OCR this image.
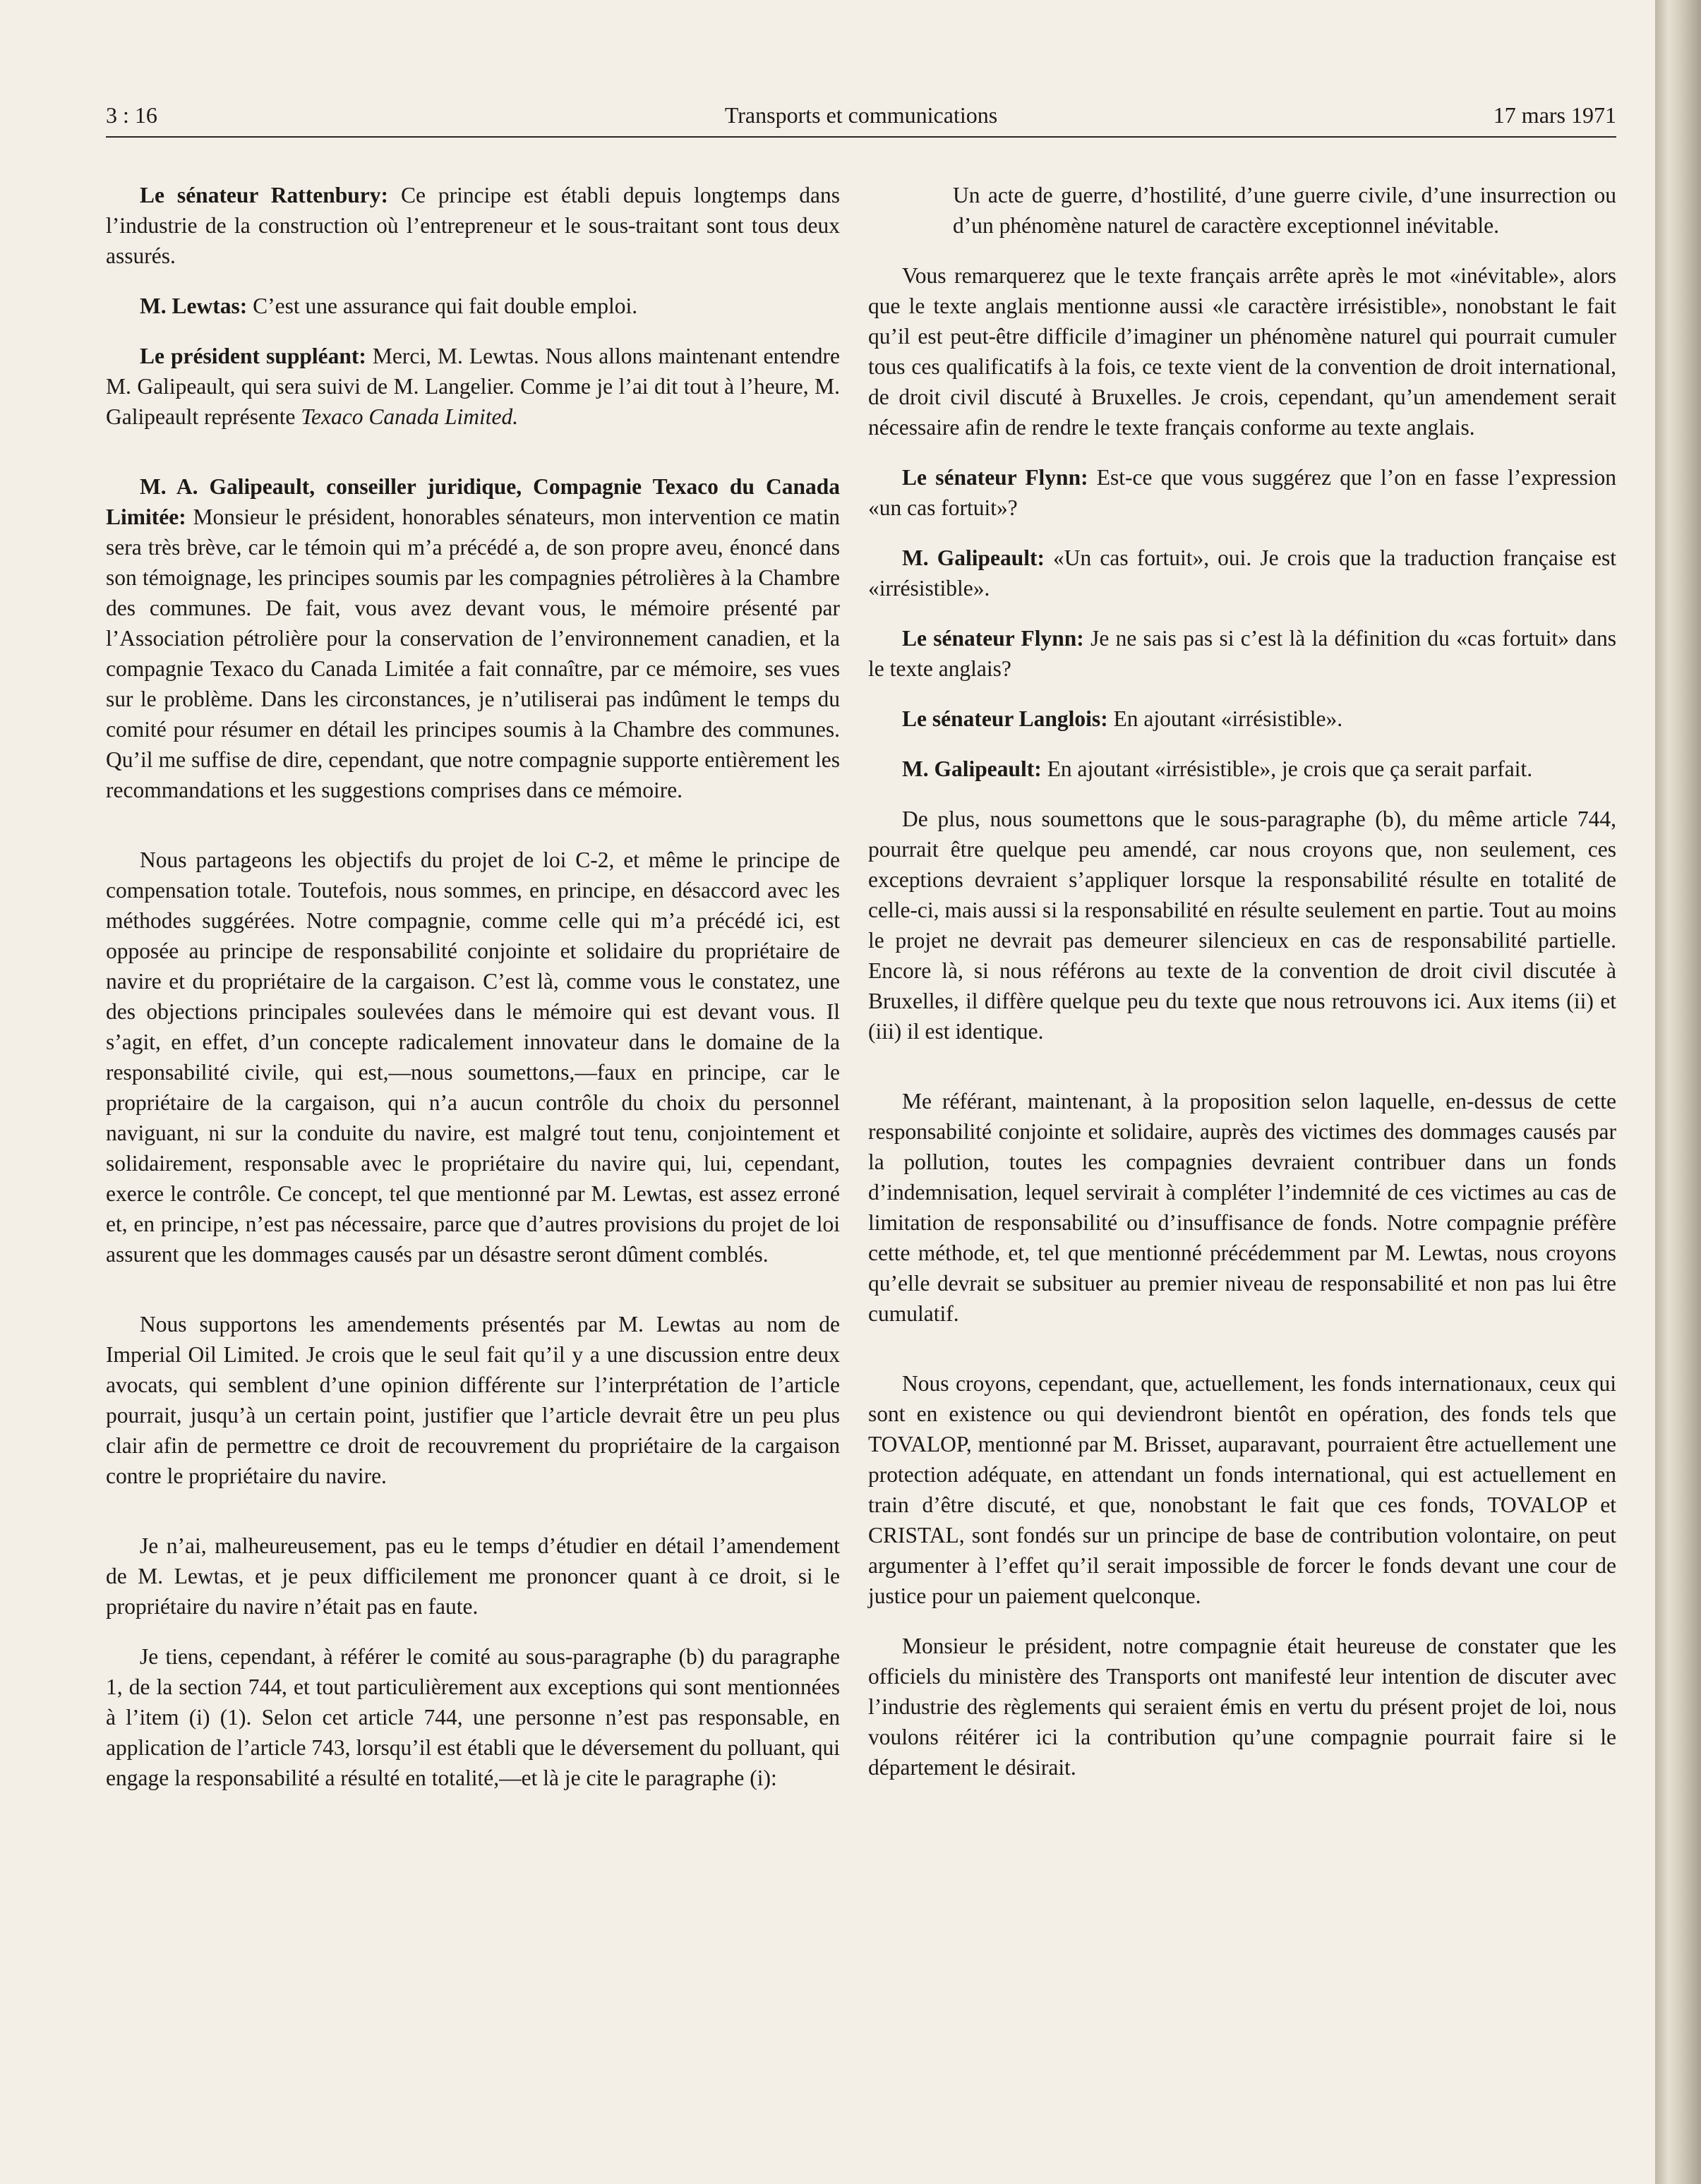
3 : 16	Transports et communications	17 mars 1971

Le sénateur Rattenbury: Ce principe est établi depuis longtemps dans l’industrie de la construction où l’entrepreneur et le sous-traitant sont tous deux assurés.

M. Lewtas: C’est une assurance qui fait double emploi.

Le président suppléant: Merci, M. Lewtas. Nous allons maintenant entendre M. Galipeault, qui sera suivi de M. Langelier. Comme je l’ai dit tout à l’heure, M. Galipeault représente Texaco Canada Limited.

M. A. Galipeault, conseiller juridique, Compagnie Texaco du Canada Limitée: Monsieur le président, honorables sénateurs, mon intervention ce matin sera très brève, car le témoin qui m’a précédé a, de son propre aveu, énoncé dans son témoignage, les principes soumis par les compagnies pétrolières à la Chambre des communes. De fait, vous avez devant vous, le mémoire présenté par l’Association pétrolière pour la conservation de l’environnement canadien, et la compagnie Texaco du Canada Limitée a fait connaître, par ce mémoire, ses vues sur le problème. Dans les circonstances, je n’utiliserai pas indûment le temps du comité pour résumer en détail les principes soumis à la Chambre des communes. Qu’il me suffise de dire, cependant, que notre compagnie supporte entièrement les recommandations et les suggestions comprises dans ce mémoire.

Nous partageons les objectifs du projet de loi C-2, et même le principe de compensation totale. Toutefois, nous sommes, en principe, en désaccord avec les méthodes suggérées. Notre compagnie, comme celle qui m’a précédé ici, est opposée au principe de responsabilité conjointe et solidaire du propriétaire de navire et du propriétaire de la cargaison. C’est là, comme vous le constatez, une des objections principales soulevées dans le mémoire qui est devant vous. Il s’agit, en effet, d’un concepte radicalement innovateur dans le domaine de la responsabilité civile, qui est,—nous soumettons,—faux en principe, car le propriétaire de la cargaison, qui n’a aucun contrôle du choix du personnel naviguant, ni sur la conduite du navire, est malgré tout tenu, conjointement et solidairement, responsable avec le propriétaire du navire qui, lui, cependant, exerce le contrôle. Ce concept, tel que mentionné par M. Lewtas, est assez erroné et, en principe, n’est pas nécessaire, parce que d’autres provisions du projet de loi assurent que les dommages causés par un désastre seront dûment comblés.

Nous supportons les amendements présentés par M. Lewtas au nom de Imperial Oil Limited. Je crois que le seul fait qu’il y a une discussion entre deux avocats, qui semblent d’une opinion différente sur l’interprétation de l’article pourrait, jusqu’à un certain point, justifier que l’article devrait être un peu plus clair afin de permettre ce droit de recouvrement du propriétaire de la cargaison contre le propriétaire du navire.

Je n’ai, malheureusement, pas eu le temps d’étudier en détail l’amendement de M. Lewtas, et je peux difficilement me prononcer quant à ce droit, si le propriétaire du navire n’était pas en faute.

Je tiens, cependant, à référer le comité au sous-paragraphe (b) du paragraphe 1, de la section 744, et tout particulièrement aux exceptions qui sont mentionnées à l’item (i) (1). Selon cet article 744, une personne n’est pas responsable, en application de l’article 743, lorsqu’il est établi que le déversement du polluant, qui engage la responsabilité a résulté en totalité,—et là je cite le paragraphe (i):

Un acte de guerre, d’hostilité, d’une guerre civile, d’une insurrection ou d’un phénomène naturel de caractère exceptionnel inévitable.

Vous remarquerez que le texte français arrête après le mot «inévitable», alors que le texte anglais mentionne aussi «le caractère irrésistible», nonobstant le fait qu’il est peut-être difficile d’imaginer un phénomène naturel qui pourrait cumuler tous ces qualificatifs à la fois, ce texte vient de la convention de droit international, de droit civil discuté à Bruxelles. Je crois, cependant, qu’un amendement serait nécessaire afin de rendre le texte français conforme au texte anglais.

Le sénateur Flynn: Est-ce que vous suggérez que l’on en fasse l’expression «un cas fortuit»?

M. Galipeault: «Un cas fortuit», oui. Je crois que la traduction française est «irrésistible».

Le sénateur Flynn: Je ne sais pas si c’est là la définition du «cas fortuit» dans le texte anglais?

Le sénateur Langlois: En ajoutant «irrésistible».

M. Galipeault: En ajoutant «irrésistible», je crois que ça serait parfait.

De plus, nous soumettons que le sous-paragraphe (b), du même article 744, pourrait être quelque peu amendé, car nous croyons que, non seulement, ces exceptions devraient s’appliquer lorsque la responsabilité résulte en totalité de celle-ci, mais aussi si la responsabilité en résulte seulement en partie. Tout au moins le projet ne devrait pas demeurer silencieux en cas de responsabilité partielle. Encore là, si nous référons au texte de la convention de droit civil discutée à Bruxelles, il diffère quelque peu du texte que nous retrouvons ici. Aux items (ii) et (iii) il est identique.

Me référant, maintenant, à la proposition selon laquelle, en-dessus de cette responsabilité conjointe et solidaire, auprès des victimes des dommages causés par la pollution, toutes les compagnies devraient contribuer dans un fonds d’indemnisation, lequel servirait à compléter l’indemnité de ces victimes au cas de limitation de responsabilité ou d’insuffisance de fonds. Notre compagnie préfère cette méthode, et, tel que mentionné précédemment par M. Lewtas, nous croyons qu’elle devrait se subsituer au premier niveau de responsabilité et non pas lui être cumulatif.

Nous croyons, cependant, que, actuellement, les fonds internationaux, ceux qui sont en existence ou qui deviendront bientôt en opération, des fonds tels que TOVALOP, mentionné par M. Brisset, auparavant, pourraient être actuellement une protection adéquate, en attendant un fonds international, qui est actuellement en train d’être discuté, et que, nonobstant le fait que ces fonds, TOVALOP et CRISTAL, sont fondés sur un principe de base de contribution volontaire, on peut argumenter à l’effet qu’il serait impossible de forcer le fonds devant une cour de justice pour un paiement quelconque.

Monsieur le président, notre compagnie était heureuse de constater que les officiels du ministère des Transports ont manifesté leur intention de discuter avec l’industrie des règlements qui seraient émis en vertu du présent projet de loi, nous voulons réitérer ici la contribution qu’une compagnie pourrait faire si le département le désirait.
